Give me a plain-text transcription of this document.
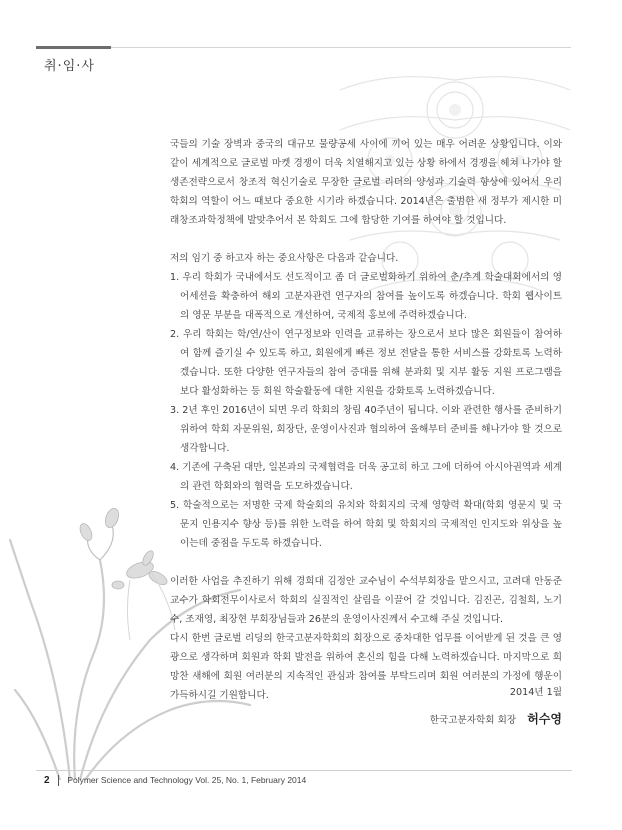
취·임·사

국들의 기술 장벽과 중국의 대규모 물량공세 사이에 끼어 있는 매우 어려운 상황입니다. 이와 같이 세계적으로 글로벌 마켓 경쟁이 더욱 치열해지고 있는 상황 하에서 경쟁을 헤쳐 나가야 할 생존전략으로서 창조적 혁신기술로 무장한 글로벌 리더의 양성과 기술력 향상에 있어서 우리 학회의 역할이 어느 때보다 중요한 시기라 하겠습니다. 2014년은 출범한 새 정부가 제시한 미래창조과학정책에 발맞추어서 본 학회도 그에 합당한 기여를 하여야 할 것입니다.

저의 임기 중 하고자 하는 중요사항은 다음과 같습니다.

1. 우리 학회가 국내에서도 선도적이고 좀 더 글로벌화하기 위하여 춘/추계 학술대회에서의 영어세션을 확충하여 해외 고분자관련 연구자의 참여를 높이도록 하겠습니다. 학회 웹사이트의 영문 부분을 대폭적으로 개선하여, 국제적 홍보에 주력하겠습니다.
2. 우리 학회는 학/연/산이 연구정보와 인력을 교류하는 장으로서 보다 많은 회원들이 참여하여 함께 즐기실 수 있도록 하고, 회원에게 빠른 정보 전달을 통한 서비스를 강화토록 노력하겠습니다. 또한 다양한 연구자들의 참여 증대를 위해 분과회 및 지부 활동 지원 프로그램을 보다 활성화하는 등 회원 학술활동에 대한 지원을 강화토록 노력하겠습니다.
3. 2년 후인 2016년이 되면 우리 학회의 창립 40주년이 됩니다. 이와 관련한 행사를 준비하기 위하여 학회 자문위원, 회장단, 운영이사진과 협의하여 올해부터 준비를 해나가야 할 것으로 생각합니다.
4. 기존에 구축된 대만, 일본과의 국제협력을 더욱 공고히 하고 그에 더하여 아시아권역과 세계의 관련 학회와의 협력을 도모하겠습니다.
5. 학술적으로는 저명한 국제 학술회의 유치와 학회지의 국제 영향력 확대(학회 영문지 및 국문지 인용지수 향상 등)를 위한 노력을 하여 학회 및 학회지의 국제적인 인지도와 위상을 높이는데 중점을 두도록 하겠습니다.

이러한 사업을 추진하기 위해 경희대 김정안 교수님이 수석부회장을 맡으시고, 고려대 안동준 교수가 학회전무이사로서 학회의 실질적인 살림을 이끌어 갈 것입니다. 김진곤, 김철희, 노기수, 조재영, 최장현 부회장님들과 26분의 운영이사진께서 수고해 주실 것입니다.

다시 한번 글로벌 리딩의 한국고분자학회의 회장으로 중차대한 업무를 이어받게 된 것을 큰 영광으로 생각하며 회원과 학회 발전을 위하여 혼신의 힘을 다해 노력하겠습니다. 마지막으로 희망찬 새해에 회원 여러분의 지속적인 관심과 참여를 부탁드리며 회원 여러분의 가정에 행운이 가득하시길 기원합니다.	2014년 1월
한국고분자학회 회장 허수영
2 Polymer Science and Technology Vol. 25, No. 1, February 2014
